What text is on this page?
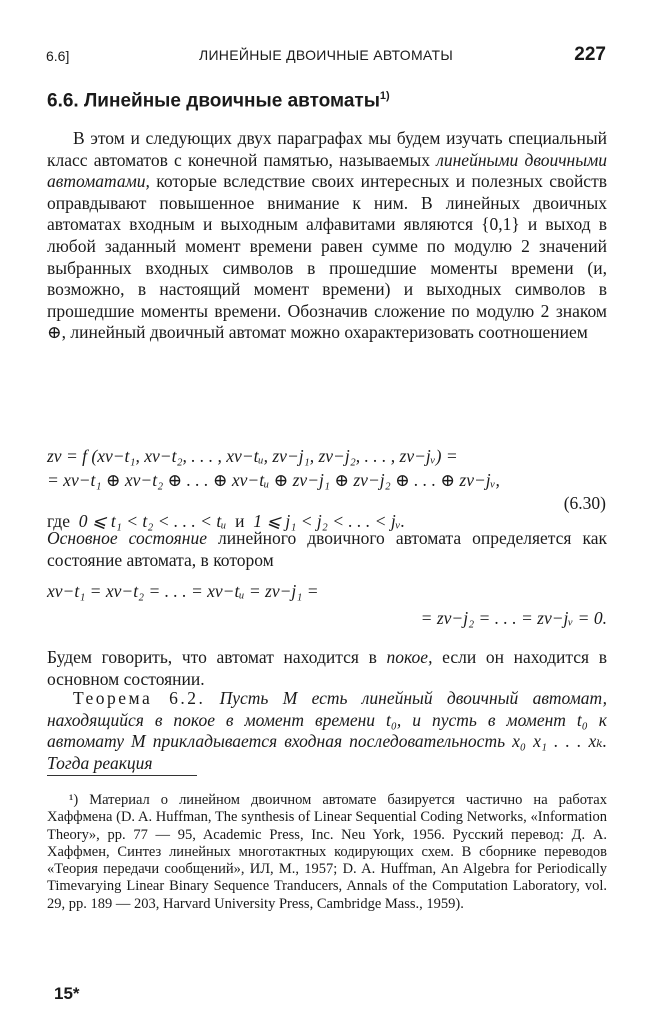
6.6]	ЛИНЕЙНЫЕ ДВОИЧНЫЕ АВТОМАТЫ	227
6.6. Линейные двоичные автоматы$^{1)}$
В этом и следующих двух параграфах мы будем изучать специальный класс автоматов с конечной памятью, называемых линейными двоичными автоматами, которые вследствие своих интересных и полезных свойств оправдывают повышенное внимание к ним. В линейных двоичных автоматах входным и выходным алфавитами являются {0,1} и выход в любой заданный момент времени равен сумме по модулю 2 значений выбранных входных символов в прошедшие моменты времени (и, возможно, в настоящий момент времени) и выходных символов в прошедшие моменты времени. Обозначив сложение по модулю 2 знаком ⊕, линейный двоичный автомат можно охарактеризовать соотношением
zν = f (xν−t₁, xν−t₂, . . . , xν−tᵤ, zν−j₁, zν−j₂, . . . , zν−jᵥ) =
= xν−t₁ ⊕ xν−t₂ ⊕ . . . ⊕ xν−tᵤ ⊕ zν−j₁ ⊕ zν−j₂ ⊕ . . . ⊕ zν−jᵥ,
(6.30)
где 0 ⩽ t₁ < t₂ < . . . < tᵤ и 1 ⩽ j₁ < j₂ < . . . < jᵥ.
Основное состояние линейного двоичного автомата определяется как состояние автомата, в котором
xν−t₁ = xν−t₂ = . . . = xν−tᵤ = zν−j₁ =
= zν−j₂ = . . . = zν−jᵥ = 0.
Будем говорить, что автомат находится в покое, если он находится в основном состоянии.
Теорема 6.2. Пусть M есть линейный двоичный автомат, находящийся в покое в момент времени t₀, и пусть в момент t₀ к автомату M прикладывается входная последовательность x₀ x₁ . . . xₖ. Тогда реакция
¹) Материал о линейном двоичном автомате базируется частично на работах Хаффмена (D. A. Huffman, The synthesis of Linear Sequential Coding Networks, «Information Theory», pp. 77 — 95, Academic Press, Inc. Neu York, 1956. Русский перевод: Д. А. Хаффмен, Синтез линейных многотактных кодирующих схем. В сборнике переводов «Теория передачи сообщений», ИЛ, М., 1957; D. A. Huffman, An Algebra for Periodically Timevarying Linear Binary Sequence Tranducers, Annals of the Computation Laboratory, vol. 29, pp. 189 — 203, Harvard University Press, Cambridge Mass., 1959).
15*
